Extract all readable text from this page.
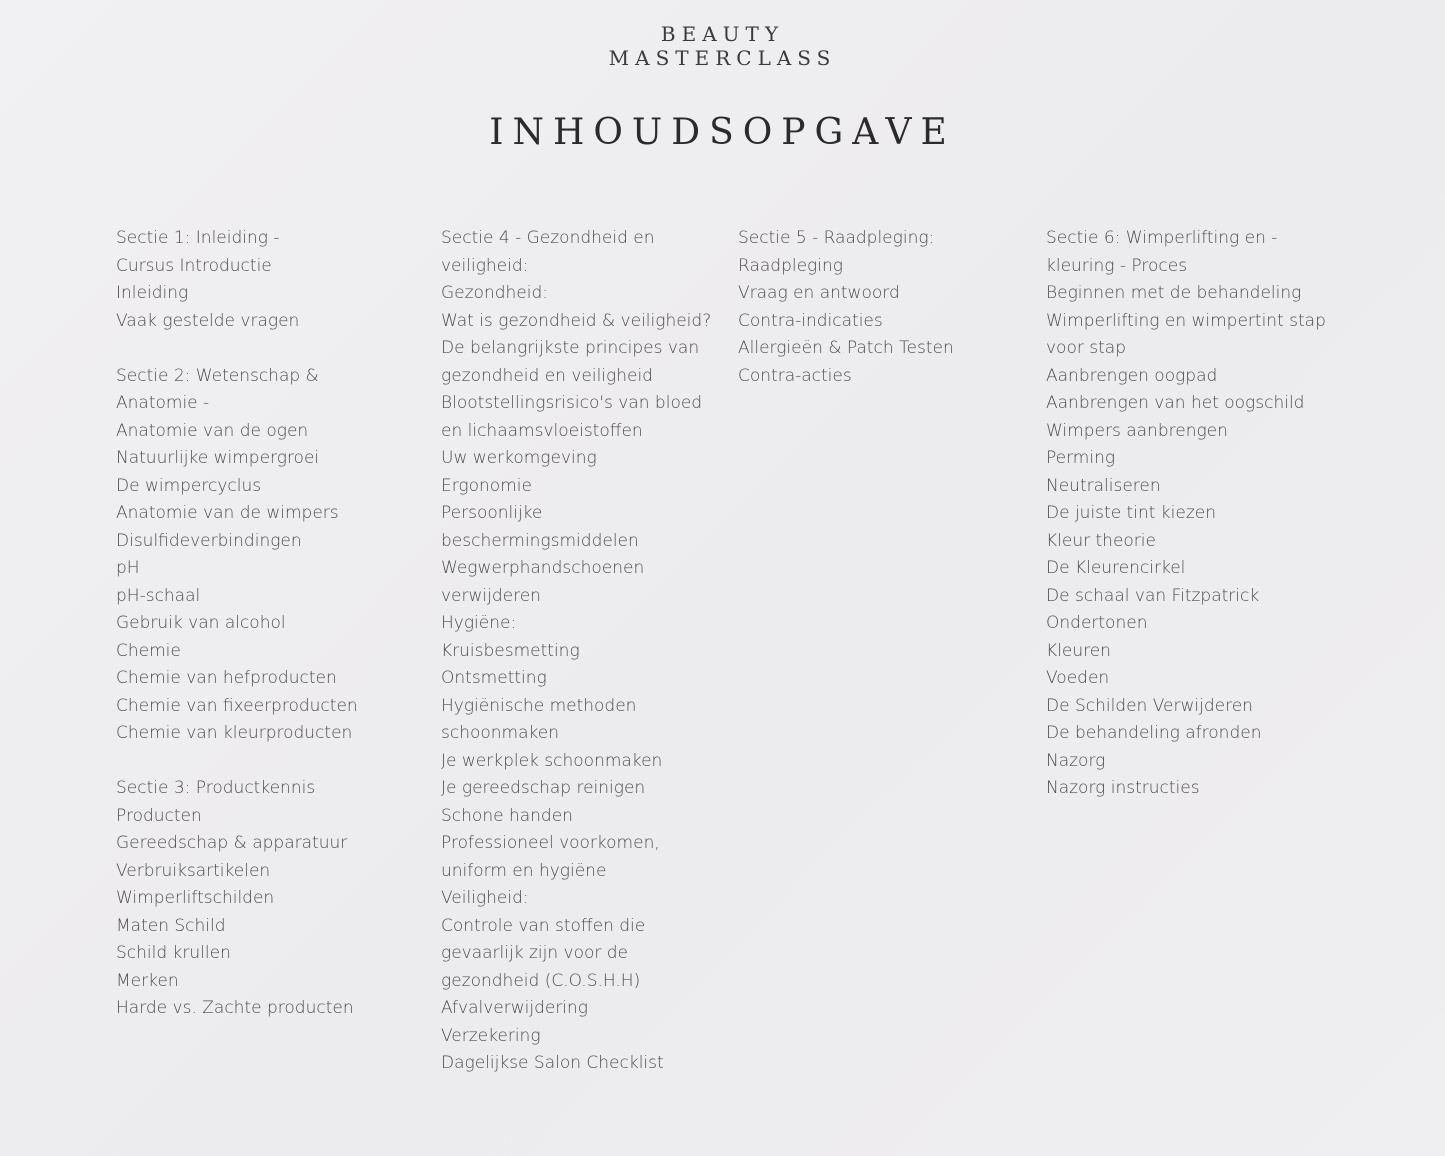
BEAUTY
MASTERCLASS
INHOUDSOPGAVE
Sectie 1: Inleiding -
Cursus Introductie
Inleiding
Vaak gestelde vragen
Sectie 2: Wetenschap &
Anatomie -
Anatomie van de ogen
Natuurlijke wimpergroei
De wimpercyclus
Anatomie van de wimpers
Disulfideverbindingen
pH
pH-schaal
Gebruik van alcohol
Chemie
Chemie van hefproducten
Chemie van fixeerproducten
Chemie van kleurproducten
Sectie 3: Productkennis
Producten
Gereedschap & apparatuur
Verbruiksartikelen
Wimperliftschilden
Maten Schild
Schild krullen
Merken
Harde vs. Zachte producten
Sectie 4 - Gezondheid en
veiligheid:
Gezondheid:
Wat is gezondheid & veiligheid?
De belangrijkste principes van
gezondheid en veiligheid
Blootstellingsrisico's van bloed
en lichaamsvloeistoffen
Uw werkomgeving
Ergonomie
Persoonlijke
beschermingsmiddelen
Wegwerphandschoenen
verwijderen
Hygiëne:
Kruisbesmetting
Ontsmetting
Hygiënische methoden
schoonmaken
Je werkplek schoonmaken
Je gereedschap reinigen
Schone handen
Professioneel voorkomen,
uniform en hygiëne
Veiligheid:
Controle van stoffen die
gevaarlijk zijn voor de
gezondheid (C.O.S.H.H)
Afvalverwijdering
Verzekering
Dagelijkse Salon Checklist
Sectie 5 - Raadpleging:
Raadpleging
Vraag en antwoord
Contra-indicaties
Allergieën & Patch Testen
Contra-acties
Sectie 6: Wimperlifting en -
kleuring - Proces
Beginnen met de behandeling
Wimperlifting en wimpertint stap
voor stap
Aanbrengen oogpad
Aanbrengen van het oogschild
Wimpers aanbrengen
Perming
Neutraliseren
De juiste tint kiezen
Kleur theorie
De Kleurencirkel
De schaal van Fitzpatrick
Ondertonen
Kleuren
Voeden
De Schilden Verwijderen
De behandeling afronden
Nazorg
Nazorg instructies
